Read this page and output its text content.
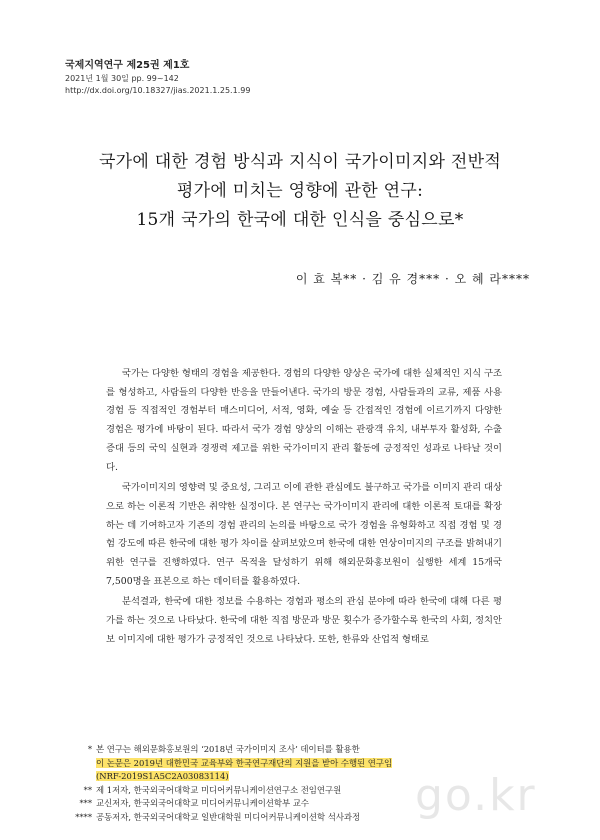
국제지역연구 제25권 제1호
2021년 1월 30일 pp. 99~142
http://dx.doi.org/10.18327/jias.2021.1.25.1.99
국가에 대한 경험 방식과 지식이 국가이미지와 전반적
평가에 미치는 영향에 관한 연구:
15개 국가의 한국에 대한 인식을 중심으로*
이 효 복** · 김 유 경*** · 오 혜 라****

국가는 다양한 형태의 경험을 제공한다. 경험의 다양한 양상은 국가에 대한 실체적인 지식 구조를 형성하고, 사람들의 다양한 반응을 만들어낸다. 국가의 방문 경험, 사람들과의 교류, 제품 사용 경험 등 직접적인 경험부터 매스미디어, 서적, 영화, 예술 등 간접적인 경험에 이르기까지 다양한 경험은 평가에 바탕이 된다. 따라서 국가 경험 양상의 이해는 관광객 유치, 내부투자 활성화, 수출증대 등의 국익 실현과 경쟁력 제고를 위한 국가이미지 관리 활동에 긍정적인 성과로 나타날 것이다.

국가이미지의 영향력 및 중요성, 그리고 이에 관한 관심에도 불구하고 국가를 이미지 관리 대상으로 하는 이론적 기반은 취약한 실정이다. 본 연구는 국가이미지 관리에 대한 이론적 토대를 확장하는 데 기여하고자 기존의 경험 관리의 논의를 바탕으로 국가 경험을 유형화하고 직접 경험 및 경험 강도에 따른 한국에 대한 평가 차이를 살펴보았으며 한국에 대한 연상이미지의 구조를 밝혀내기 위한 연구를 진행하였다. 연구 목적을 달성하기 위해 해외문화홍보원이 실행한 세계 15개국 7,500명을 표본으로 하는 데이터를 활용하였다.

분석결과, 한국에 대한 정보를 수용하는 경험과 평소의 관심 분야에 따라 한국에 대해 다른 평가를 하는 것으로 나타났다. 한국에 대한 직접 방문과 방문 횟수가 증가할수록 한국의 사회, 정치안보 이미지에 대한 평가가 긍정적인 것으로 나타났다. 또한, 한류와 산업적 형태로

* 본 연구는 해외문화홍보원의 ‘2018년 국가이미지 조사’ 데이터를 활용한
이 논문은 2019년 대한민국 교육부와 한국연구재단의 지원을 받아 수행된 연구임
(NRF-2019S1A5C2A03083114)
** 제 1저자, 한국외국어대학교 미디어커뮤니케이션연구소 전임연구원
*** 교신저자, 한국외국어대학교 미디어커뮤니케이션학부 교수
**** 공동저자, 한국외국어대학교 일반대학원 미디어커뮤니케이션학 석사과정	go.kr
